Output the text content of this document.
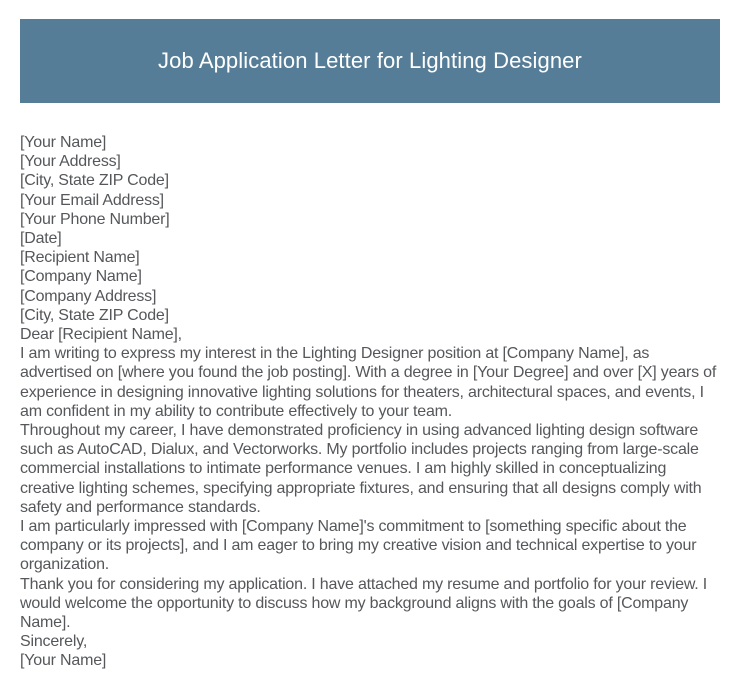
Job Application Letter for Lighting Designer
[Your Name]
[Your Address]
[City, State ZIP Code]
[Your Email Address]
[Your Phone Number]
[Date]
[Recipient Name]
[Company Name]
[Company Address]
[City, State ZIP Code]
Dear [Recipient Name],
I am writing to express my interest in the Lighting Designer position at [Company Name], as advertised on [where you found the job posting]. With a degree in [Your Degree] and over [X] years of experience in designing innovative lighting solutions for theaters, architectural spaces, and events, I am confident in my ability to contribute effectively to your team.
Throughout my career, I have demonstrated proficiency in using advanced lighting design software such as AutoCAD, Dialux, and Vectorworks. My portfolio includes projects ranging from large-scale commercial installations to intimate performance venues. I am highly skilled in conceptualizing creative lighting schemes, specifying appropriate fixtures, and ensuring that all designs comply with safety and performance standards.
I am particularly impressed with [Company Name]'s commitment to [something specific about the company or its projects], and I am eager to bring my creative vision and technical expertise to your organization.
Thank you for considering my application. I have attached my resume and portfolio for your review. I would welcome the opportunity to discuss how my background aligns with the goals of [Company Name].
Sincerely,
[Your Name]
